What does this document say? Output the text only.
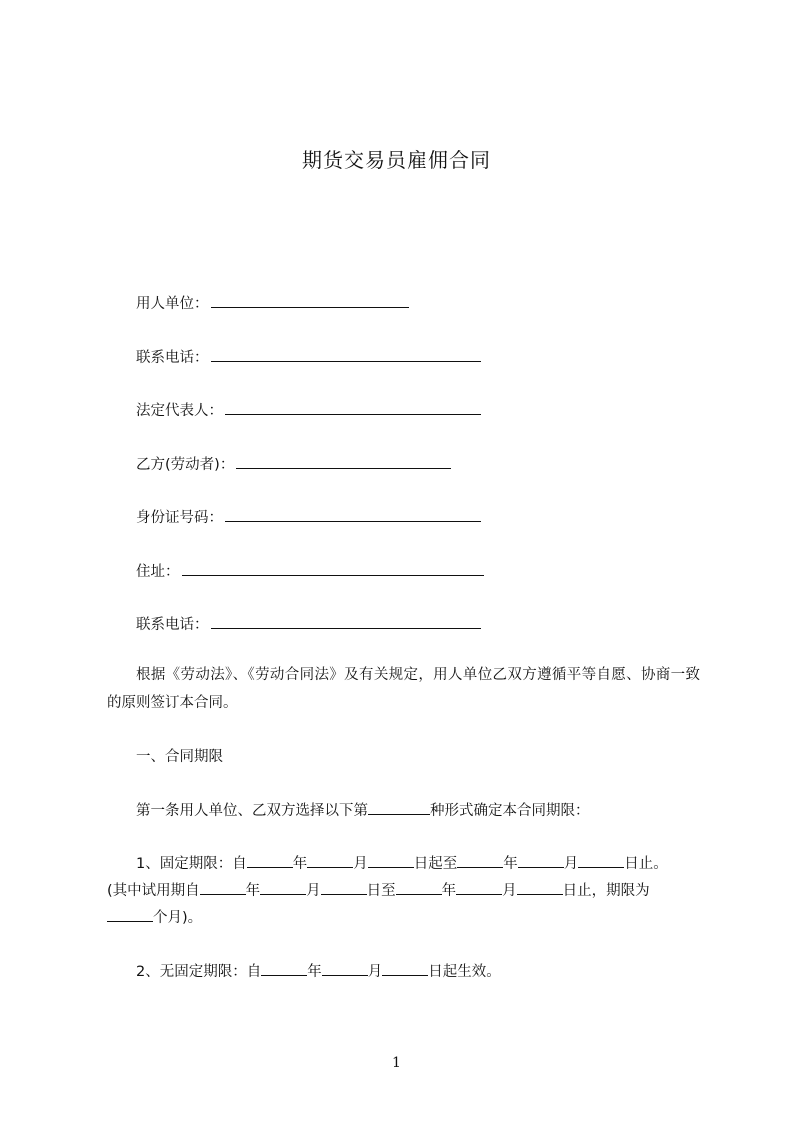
期货交易员雇佣合同
用人单位：
联系电话：
法定代表人：
乙方(劳动者)：
身份证号码：
住址：
联系电话：
根据《劳动法》、《劳动合同法》及有关规定，用人单位乙双方遵循平等自愿、协商一致的原则签订本合同。
一、合同期限
第一条用人单位、乙双方选择以下第	种形式确定本合同期限：
1、固定期限：自	年	月	日起至	年	月	日止。
(其中试用期自	年	月	日至	年	月	日止，期限为
个月)。
2、无固定期限：自	年	月	日起生效。
1
